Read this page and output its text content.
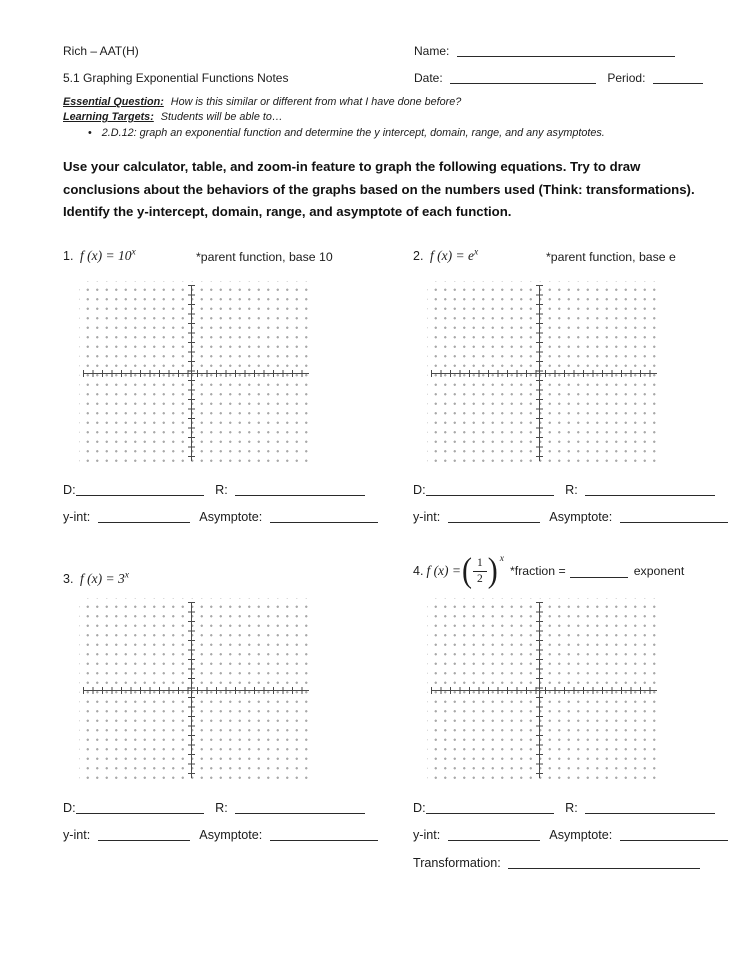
Rich – AAT(H)	Name:
5.1 Graphing Exponential Functions Notes	Date:	Period:
Essential Question: How is this similar or different from what I have done before?
Learning Targets: Students will be able to…
• 2.D.12: graph an exponential function and determine the y intercept, domain, range, and any asymptotes.
Use your calculator, table, and zoom-in feature to graph the following equations. Try to draw
conclusions about the behaviors of the graphs based on the numbers used (Think: transformations).
Identify the y-intercept, domain, range, and asymptote of each function.
1. f $(x) = 10^x$	*parent function, base 10	2. f $(x) = e^x$	*parent function, base e
D:	R:	D:	R:
y-int:	Asymptote:	y-int:	Asymptote:
3. f $(x) = 3^x$	4. f (x) = ( $\frac{1}{2}$ ) x
*fraction =	exponent
D:	R:	D:	R:
y-int:	Asymptote:	y-int:	Asymptote:
Transformation:
